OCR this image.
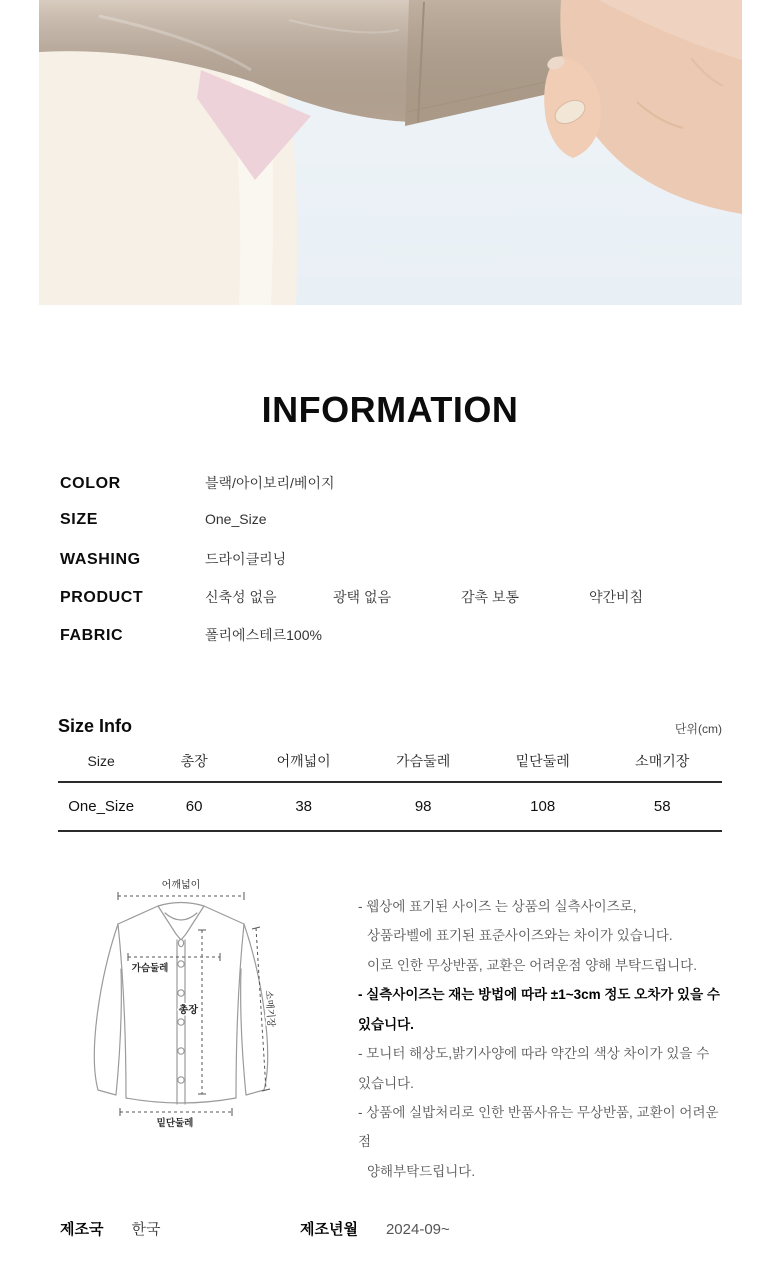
INFORMATION
COLOR	블랙/아이보리/베이지
SIZE	One_Size
WASHING	드라이클리닝
PRODUCT	신축성 없음	광택 없음	감촉 보통	약간비침
FABRIC	폴리에스테르100%
Size Info	단위(cm)
Size	총장	어깨넓이	가슴둘레	밑단둘레	소매기장
One_Size	60	38	98	108	58
어깨넓이
가슴둘레
총장	소매기장
밑단둘레
- 웹상에 표기된 사이즈 는 상품의 실측사이즈로,
상품라벨에 표기된 표준사이즈와는 차이가 있습니다.
이로 인한 무상반품, 교환은 어려운점 양해 부탁드립니다.
- 실측사이즈는 재는 방법에 따라 ±1~3cm 정도 오차가 있을 수 있습니다.
- 모니터 해상도,밝기사양에 따라 약간의 색상 차이가 있을 수 있습니다.
- 상품에 실밥처리로 인한 반품사유는 무상반품, 교환이 어려운 점
양해부탁드립니다.
제조국 한국	제조년월 2024-09~
